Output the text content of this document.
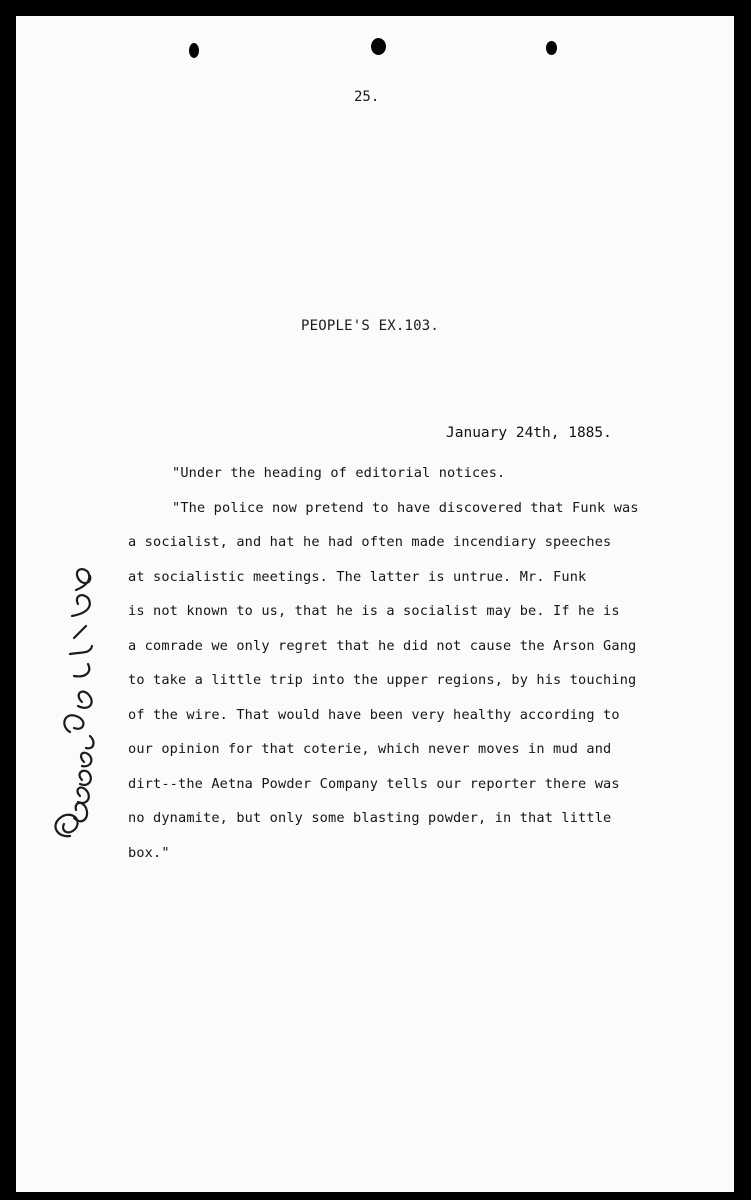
25.
PEOPLE'S EX.103.
January 24th, 1885.
"Under the heading of editorial notices.
"The police now pretend to have discovered that Funk was
a socialist, and hat he had often made incendiary speeches
at socialistic meetings. The latter is untrue. Mr. Funk
is not known to us, that he is a socialist may be. If he is
a comrade we only regret that he did not cause the Arson Gang
to take a little trip into the upper regions, by his touching
of the wire. That would have been very healthy according to
our opinion for that coterie, which never moves in mud and
dirt--the Aetna Powder Company tells our reporter there was
no dynamite, but only some blasting powder, in that little
box."
